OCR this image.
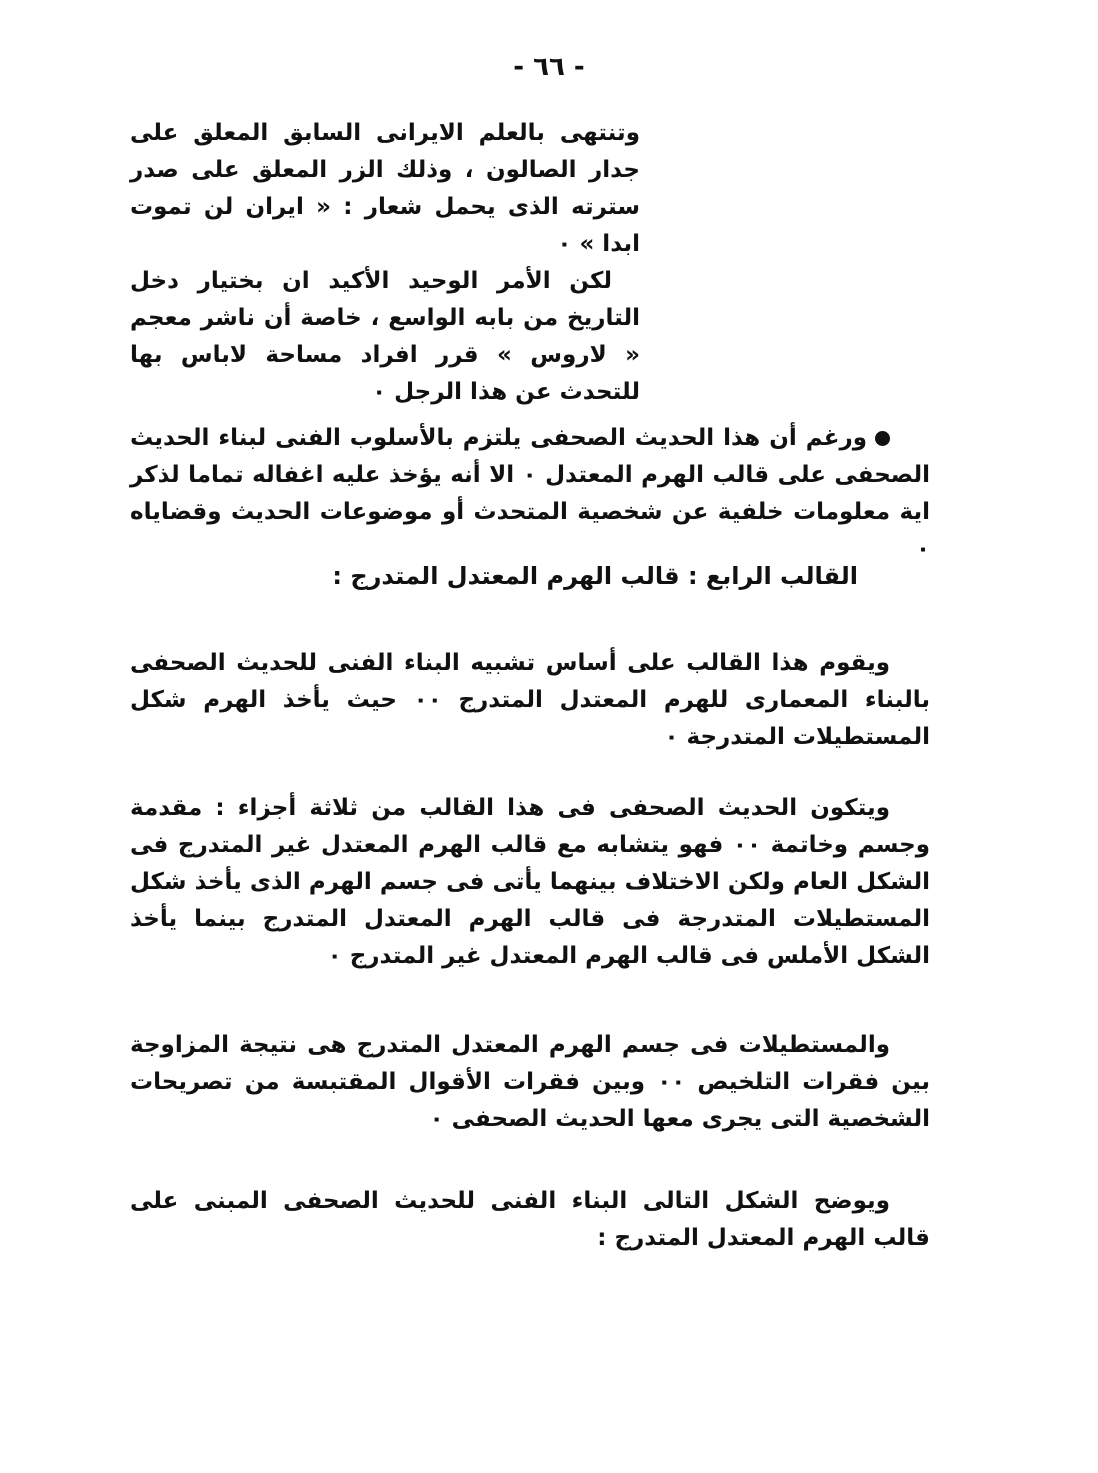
- ٦٦ -

وتنتهى بالعلم الايرانى السابق المعلق على جدار الصالون ، وذلك الزر المعلق على صدر سترته الذى يحمل شعار : « ايران لن تموت ابدا » ٠

لكن الأمر الوحيد الأكيد ان بختيار دخل التاريخ من بابه الواسع ، خاصة أن ناشر معجم « لاروس » قرر افراد مساحة لاباس بها للتحدث عن هذا الرجل ٠

ورغم أن هذا الحديث الصحفى يلتزم بالأسلوب الفنى لبناء الحديث الصحفى على قالب الهرم المعتدل ٠ الا أنه يؤخذ عليه اغفاله تماما لذكر اية معلومات خلفية عن شخصية المتحدث أو موضوعات الحديث وقضاياه ٠

القالب الرابع : قالب الهرم المعتدل المتدرج :

ويقوم هذا القالب على أساس تشبيه البناء الفنى للحديث الصحفى بالبناء المعمارى للهرم المعتدل المتدرج ٠٠ حيث يأخذ الهرم شكل المستطيلات المتدرجة ٠

ويتكون الحديث الصحفى فى هذا القالب من ثلاثة أجزاء : مقدمة وجسم وخاتمة ٠٠ فهو يتشابه مع قالب الهرم المعتدل غير المتدرج فى الشكل العام ولكن الاختلاف بينهما يأتى فى جسم الهرم الذى يأخذ شكل المستطيلات المتدرجة فى قالب الهرم المعتدل المتدرج بينما يأخذ الشكل الأملس فى قالب الهرم المعتدل غير المتدرج ٠

والمستطيلات فى جسم الهرم المعتدل المتدرج هى نتيجة المزاوجة بين فقرات التلخيص ٠٠ وبين فقرات الأقوال المقتبسة من تصريحات الشخصية التى يجرى معها الحديث الصحفى ٠

ويوضح الشكل التالى البناء الفنى للحديث الصحفى المبنى على قالب الهرم المعتدل المتدرج :
